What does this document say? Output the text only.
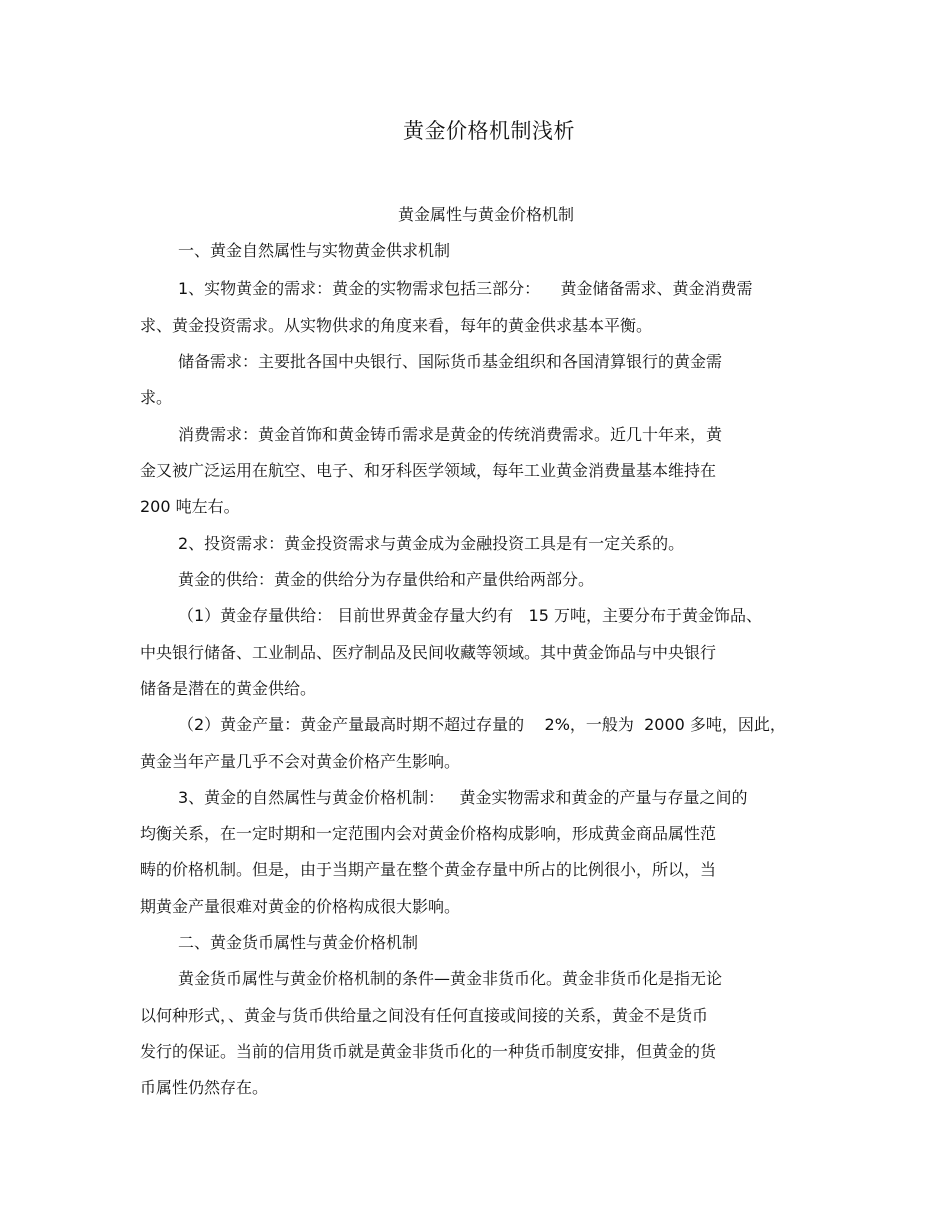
黄金价格机制浅析
黄金属性与黄金价格机制
一、黄金自然属性与实物黄金供求机制
1、实物黄金的需求：黄金的实物需求包括三部分：    黄金储备需求、黄金消费需
求、黄金投资需求。从实物供求的角度来看，每年的黄金供求基本平衡。
储备需求：主要批各国中央银行、国际货币基金组织和各国清算银行的黄金需
求。
消费需求：黄金首饰和黄金铸币需求是黄金的传统消费需求。近几十年来，黄
金又被广泛运用在航空、电子、和牙科医学领域，每年工业黄金消费量基本维持在
200 吨左右。
2、投资需求：黄金投资需求与黄金成为金融投资工具是有一定关系的。
黄金的供给：黄金的供给分为存量供给和产量供给两部分。
（1）黄金存量供给： 目前世界黄金存量大约有   15 万吨，主要分布于黄金饰品、
中央银行储备、工业制品、医疗制品及民间收藏等领域。其中黄金饰品与中央银行
储备是潜在的黄金供给。
（2）黄金产量：黄金产量最高时期不超过存量的    2%，一般为  2000 多吨，因此，
黄金当年产量几乎不会对黄金价格产生影响。
3、黄金的自然属性与黄金价格机制：   黄金实物需求和黄金的产量与存量之间的
均衡关系，在一定时期和一定范围内会对黄金价格构成影响，形成黄金商品属性范
畴的价格机制。但是，由于当期产量在整个黄金存量中所占的比例很小，所以，当
期黄金产量很难对黄金的价格构成很大影响。
二、黄金货币属性与黄金价格机制
黄金货币属性与黄金价格机制的条件—黄金非货币化。黄金非货币化是指无论
以何种形式，、黄金与货币供给量之间没有任何直接或间接的关系，黄金不是货币
发行的保证。当前的信用货币就是黄金非货币化的一种货币制度安排，但黄金的货
币属性仍然存在。
